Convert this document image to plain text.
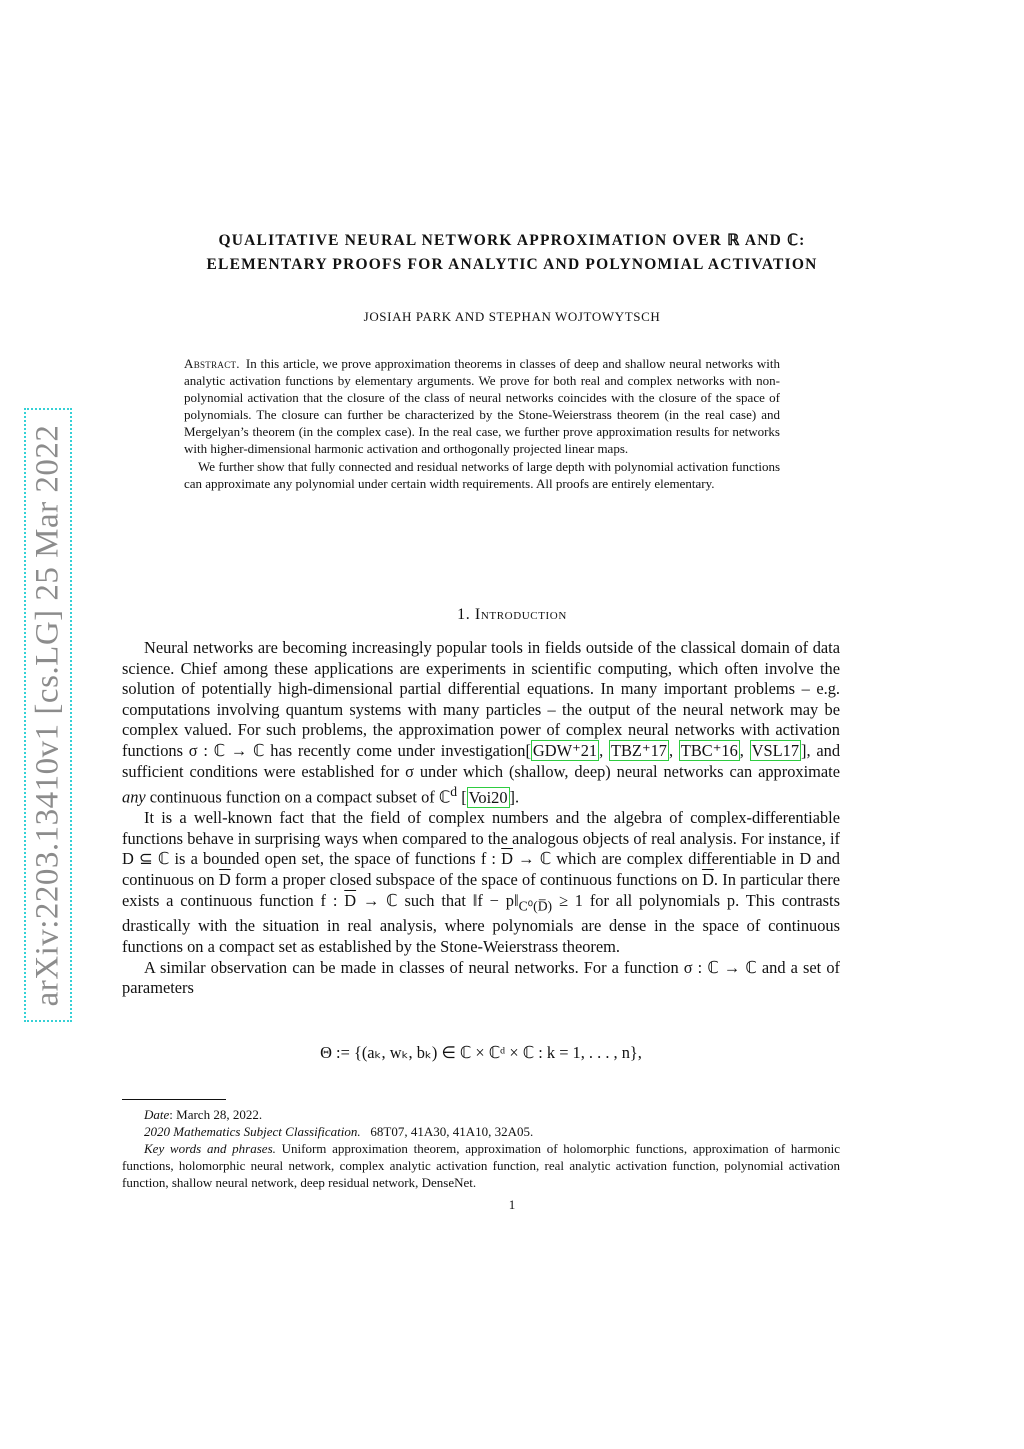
arXiv:2203.13410v1 [cs.LG] 25 Mar 2022
QUALITATIVE NEURAL NETWORK APPROXIMATION OVER ℝ AND ℂ:
ELEMENTARY PROOFS FOR ANALYTIC AND POLYNOMIAL ACTIVATION
JOSIAH PARK AND STEPHAN WOJTOWYTSCH

Abstract. In this article, we prove approximation theorems in classes of deep and shallow neural networks with analytic activation functions by elementary arguments. We prove for both real and complex networks with non-polynomial activation that the closure of the class of neural networks coincides with the closure of the space of polynomials. The closure can further be characterized by the Stone-Weierstrass theorem (in the real case) and Mergelyan’s theorem (in the complex case). In the real case, we further prove approximation results for networks with higher-dimensional harmonic activation and orthogonally projected linear maps.

We further show that fully connected and residual networks of large depth with polynomial activation functions can approximate any polynomial under certain width requirements. All proofs are entirely elementary.

1. Introduction

Neural networks are becoming increasingly popular tools in fields outside of the classical domain of data science. Chief among these applications are experiments in scientific computing, which often involve the solution of potentially high-dimensional partial differential equations. In many important problems – e.g. computations involving quantum systems with many particles – the output of the neural network may be complex valued. For such problems, the approximation power of complex neural networks with activation functions σ : ℂ → ℂ has recently come under investigation[ GDW⁺21 , TBZ⁺17 , TBC⁺16 , VSL17 ], and sufficient conditions were established for σ under which (shallow, deep) neural networks can approximate any continuous function on a compact subset of ℂ$^d$ [ Voi20 ].

It is a well-known fact that the field of complex numbers and the algebra of complex-differentiable functions behave in surprising ways when compared to the analogous objects of real analysis. For instance, if D ⊆ ℂ is a bounded open set, the space of functions f : $\overline{D}$ → ℂ which are complex differentiable in D and continuous on $\overline{D}$ form a proper closed subspace of the space of continuous functions on $\overline{D}$. In particular there exists a continuous function f : $\overline{D}$ → ℂ such that ‖f − $p‖_{C^0(D̅)} \ge 1$ for all polynomials p. This contrasts drastically with the situation in real analysis, where polynomials are dense in the space of continuous functions on a compact set as established by the Stone-Weierstrass theorem.

A similar observation can be made in classes of neural networks. For a function σ : ℂ → ℂ and a set of parameters

Θ := {(aₖ, wₖ, bₖ) ∈ ℂ × ℂᵈ × ℂ : k = 1, . . . , n},

Date: March 28, 2022.

2020 Mathematics Subject Classification. 68T07, 41A30, 41A10, 32A05.

Key words and phrases. Uniform approximation theorem, approximation of holomorphic functions, approximation of harmonic functions, holomorphic neural network, complex analytic activation function, real analytic activation function, polynomial activation function, shallow neural network, deep residual network, DenseNet.

1
